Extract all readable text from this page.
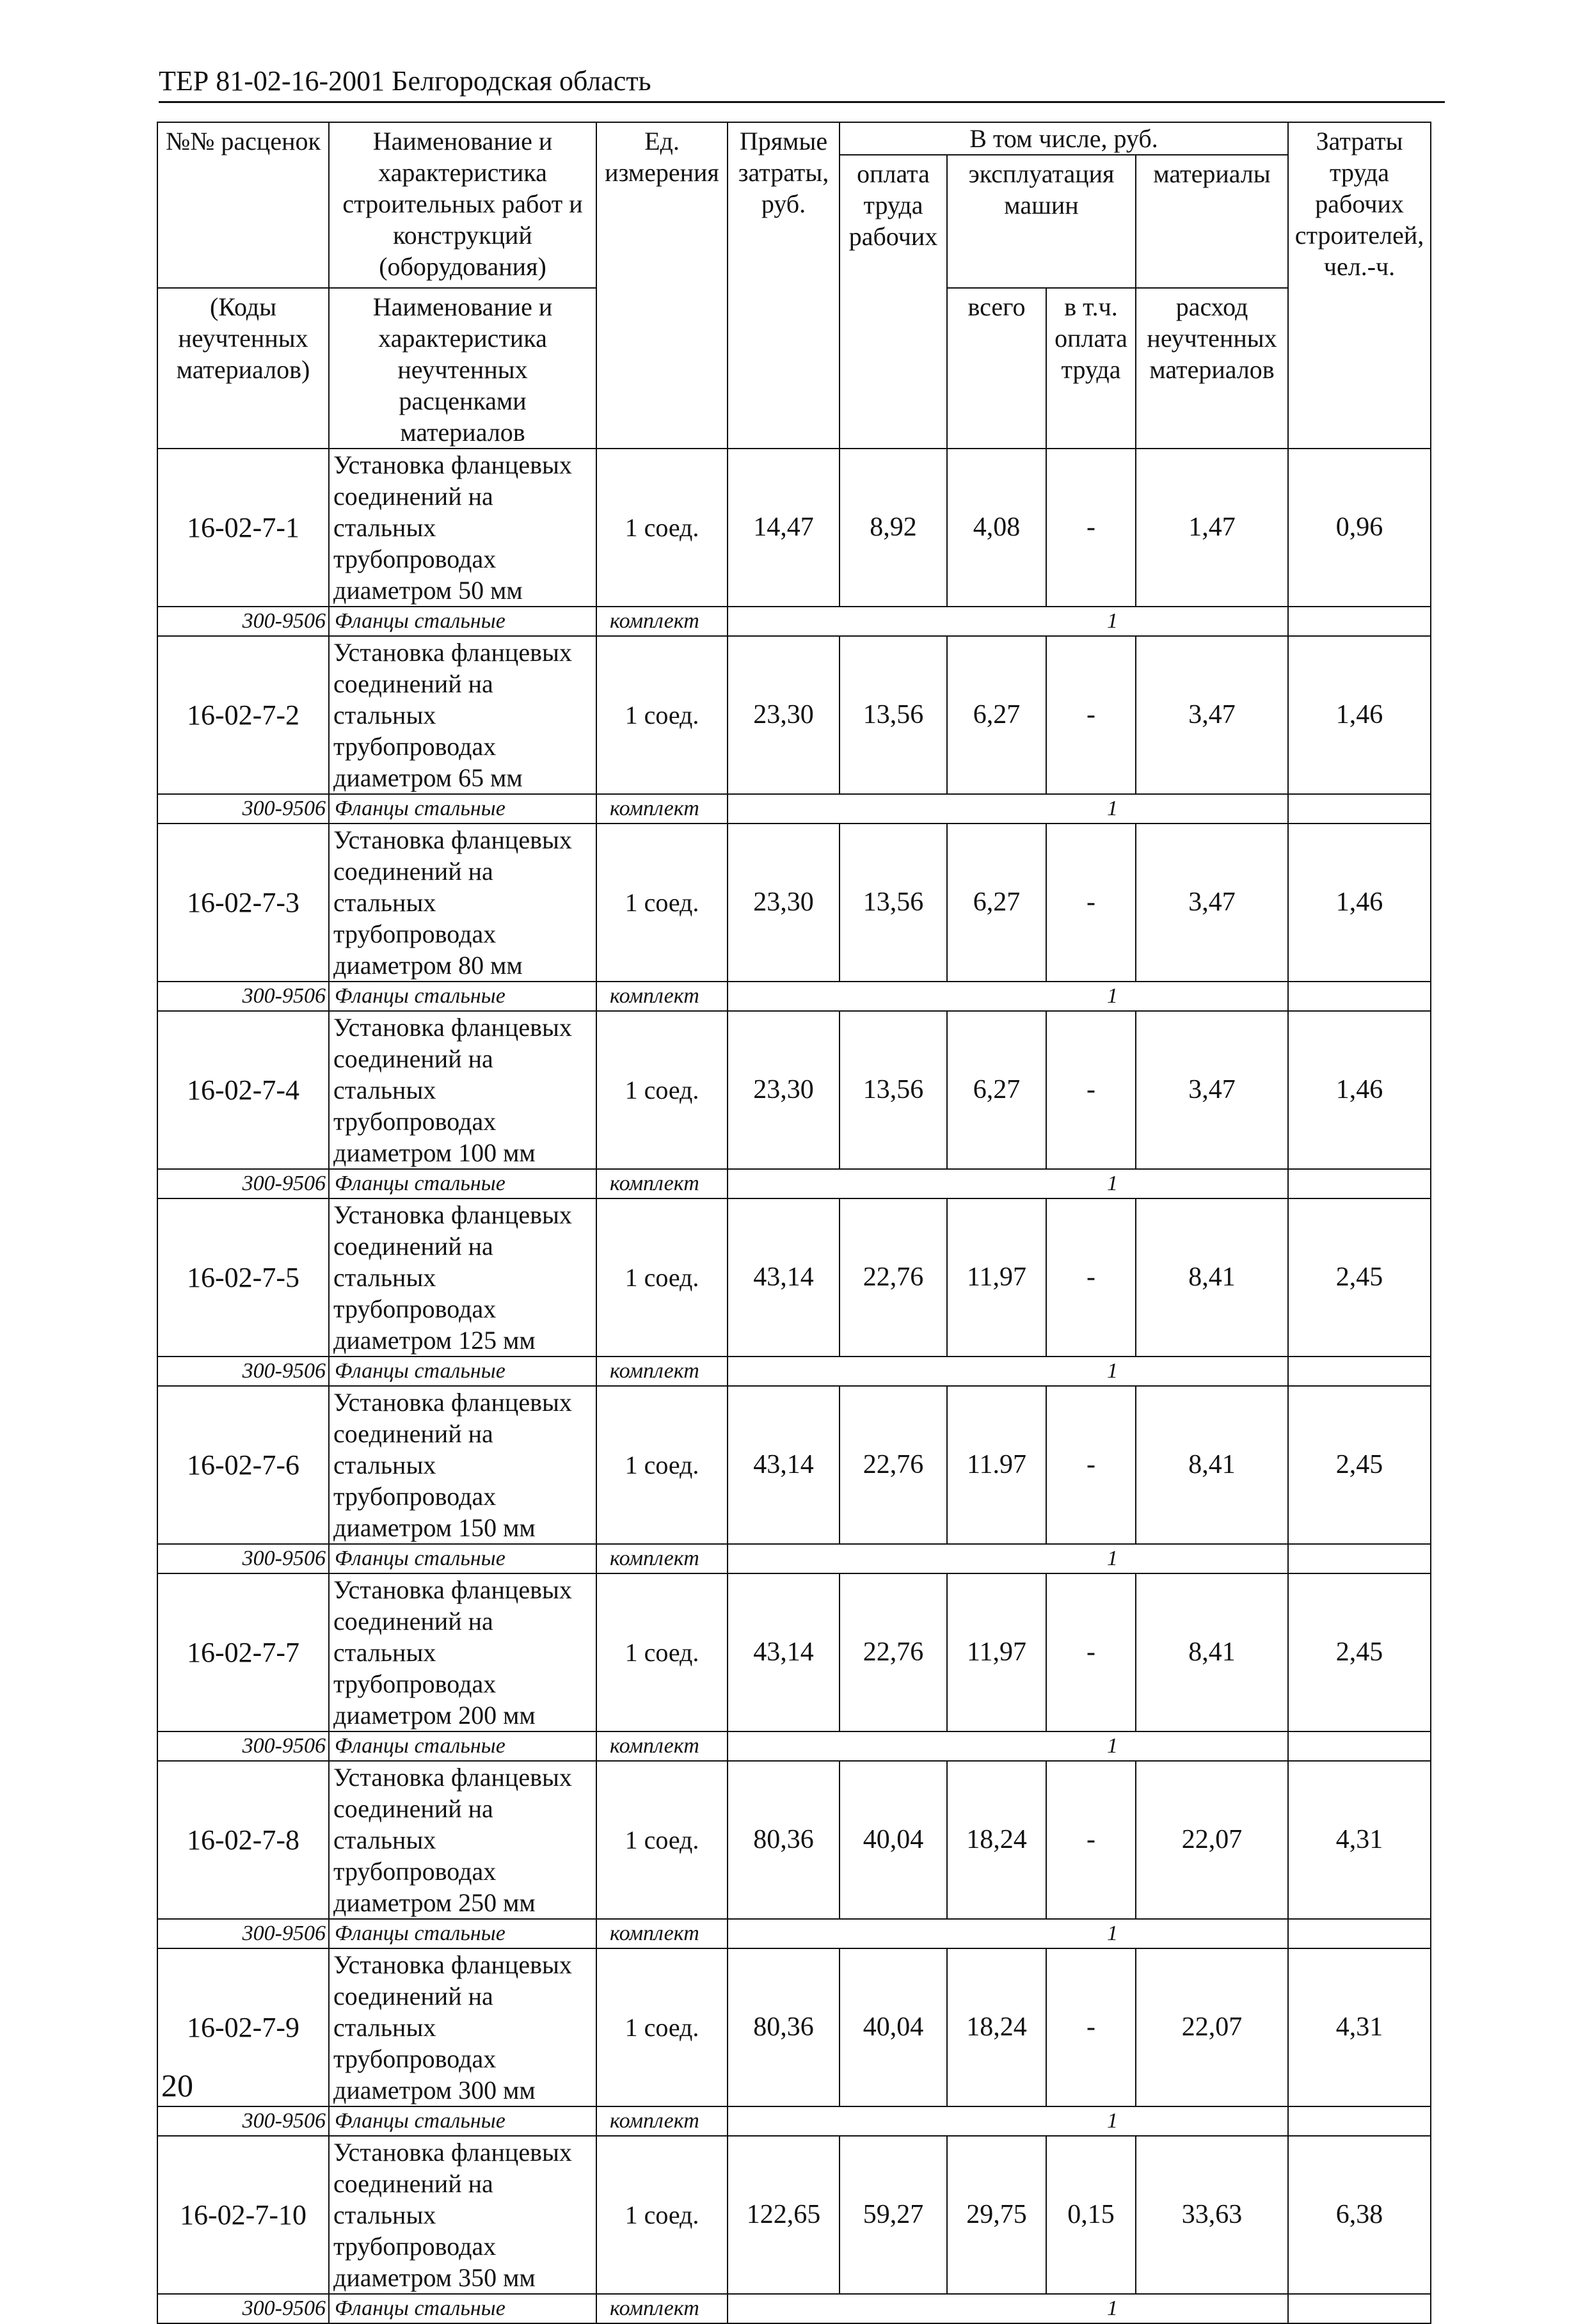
ТЕР 81-02-16-2001 Белгородская область
№№ расценок	Наименование и характеристика строительных работ и конструкций (оборудования)	Ед. измерения	Прямые затраты, руб.	В том числе, руб.				Затраты труда рабочих строителей, чел.-ч.
				оплата труда рабочих	эксплуатация машин		материалы	

(Коды неучтенных материалов)	Наименование и характеристика неучтенных расценками материалов				всего	в т.ч. оплата труда	расход неучтенных материалов	

16-02-7-1	Установка фланцевых соединений на стальных трубопроводах диаметром 50 мм	1 соед.	14,47	8,92	4,08	-	1,47	0,96
300-9506	Фланцы стальные	комплект				1		
16-02-7-2	Установка фланцевых соединений на стальных трубопроводах диаметром 65 мм	1 соед.	23,30	13,56	6,27	-	3,47	1,46
300-9506	Фланцы стальные	комплект				1		
16-02-7-3	Установка фланцевых соединений на стальных трубопроводах диаметром 80 мм	1 соед.	23,30	13,56	6,27	-	3,47	1,46
300-9506	Фланцы стальные	комплект				1		
16-02-7-4	Установка фланцевых соединений на стальных трубопроводах диаметром 100 мм	1 соед.	23,30	13,56	6,27	-	3,47	1,46
300-9506	Фланцы стальные	комплект				1		
16-02-7-5	Установка фланцевых соединений на стальных трубопроводах диаметром 125 мм	1 соед.	43,14	22,76	11,97	-	8,41	2,45
300-9506	Фланцы стальные	комплект				1		
16-02-7-6	Установка фланцевых соединений на стальных трубопроводах диаметром 150 мм	1 соед.	43,14	22,76	11.97	-	8,41	2,45
300-9506	Фланцы стальные	комплект				1		
16-02-7-7	Установка фланцевых соединений на стальных трубопроводах диаметром 200 мм	1 соед.	43,14	22,76	11,97	-	8,41	2,45
300-9506	Фланцы стальные	комплект				1		
16-02-7-8	Установка фланцевых соединений на стальных трубопроводах диаметром 250 мм	1 соед.	80,36	40,04	18,24	-	22,07	4,31
300-9506	Фланцы стальные	комплект				1		
16-02-7-9	Установка фланцевых соединений на стальных трубопроводах диаметром 300 мм	1 соед.	80,36	40,04	18,24	-	22,07	4,31
300-9506	Фланцы стальные	комплект				1		
16-02-7-10	Установка фланцевых соединений на стальных трубопроводах диаметром 350 мм	1 соед.	122,65	59,27	29,75	0,15	33,63	6,38
300-9506	Фланцы стальные	комплект				1		
20
